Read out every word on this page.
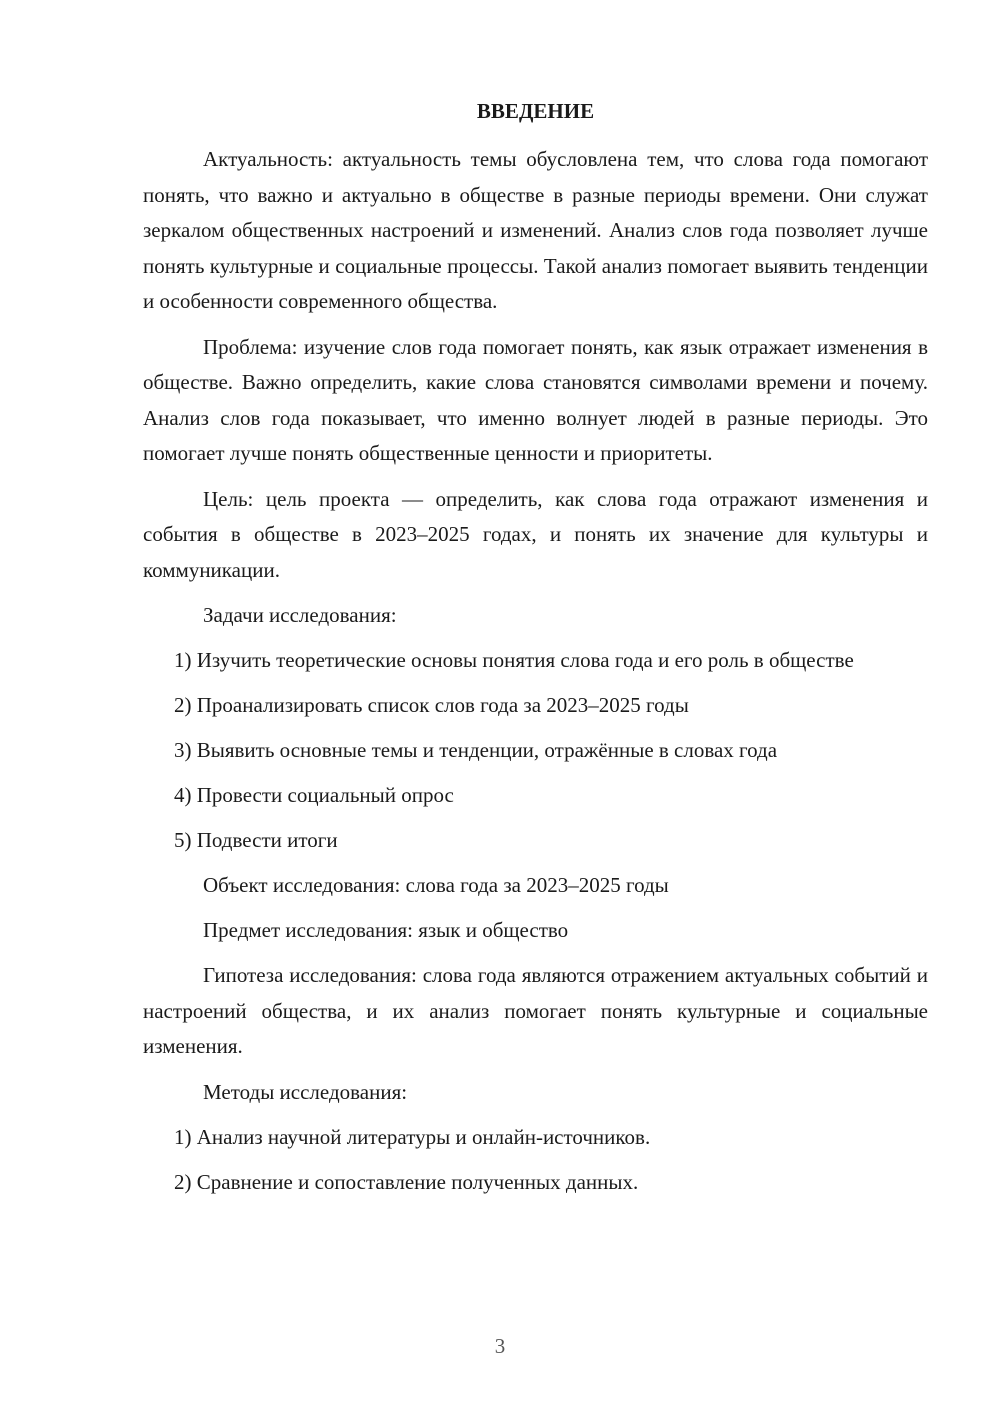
ВВЕДЕНИЕ

Актуальность: актуальность темы обусловлена тем, что слова года помогают понять, что важно и актуально в обществе в разные периоды времени. Они служат зеркалом общественных настроений и изменений. Анализ слов года позволяет лучше понять культурные и социальные процессы. Такой анализ помогает выявить тенденции и особенности современного общества.

Проблема: изучение слов года помогает понять, как язык отражает изменения в обществе. Важно определить, какие слова становятся символами времени и почему. Анализ слов года показывает, что именно волнует людей в разные периоды. Это помогает лучше понять общественные ценности и приоритеты.

Цель: цель проекта — определить, как слова года отражают изменения и события в обществе в 2023–2025 годах, и понять их значение для культуры и коммуникации.

Задачи исследования:

1) Изучить теоретические основы понятия слова года и его роль в обществе

2) Проанализировать список слов года за 2023–2025 годы

3) Выявить основные темы и тенденции, отражённые в словах года

4) Провести социальный опрос

5) Подвести итоги

Объект исследования: слова года за 2023–2025 годы

Предмет исследования: язык и общество

Гипотеза исследования: слова года являются отражением актуальных событий и настроений общества, и их анализ помогает понять культурные и социальные изменения.

Методы исследования:

1) Анализ научной литературы и онлайн-источников.

2) Сравнение и сопоставление полученных данных.

3
